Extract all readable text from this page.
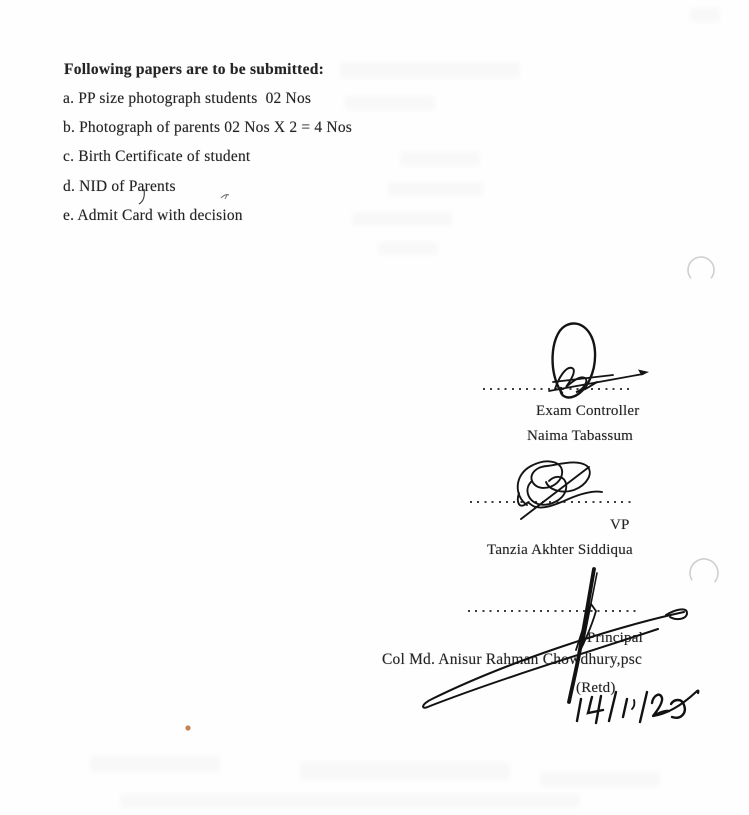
Following papers are to be submitted:
a. PP size photograph students  02 Nos
b. Photograph of parents 02 Nos X 2 = 4 Nos
c. Birth Certificate of student
d. NID of Parents
e. Admit Card with decision
Exam Controller
Naima Tabassum
VP
Tanzia Akhter Siddiqua
Principal
Col Md. Anisur Rahman Chowdhury,psc
(Retd)
